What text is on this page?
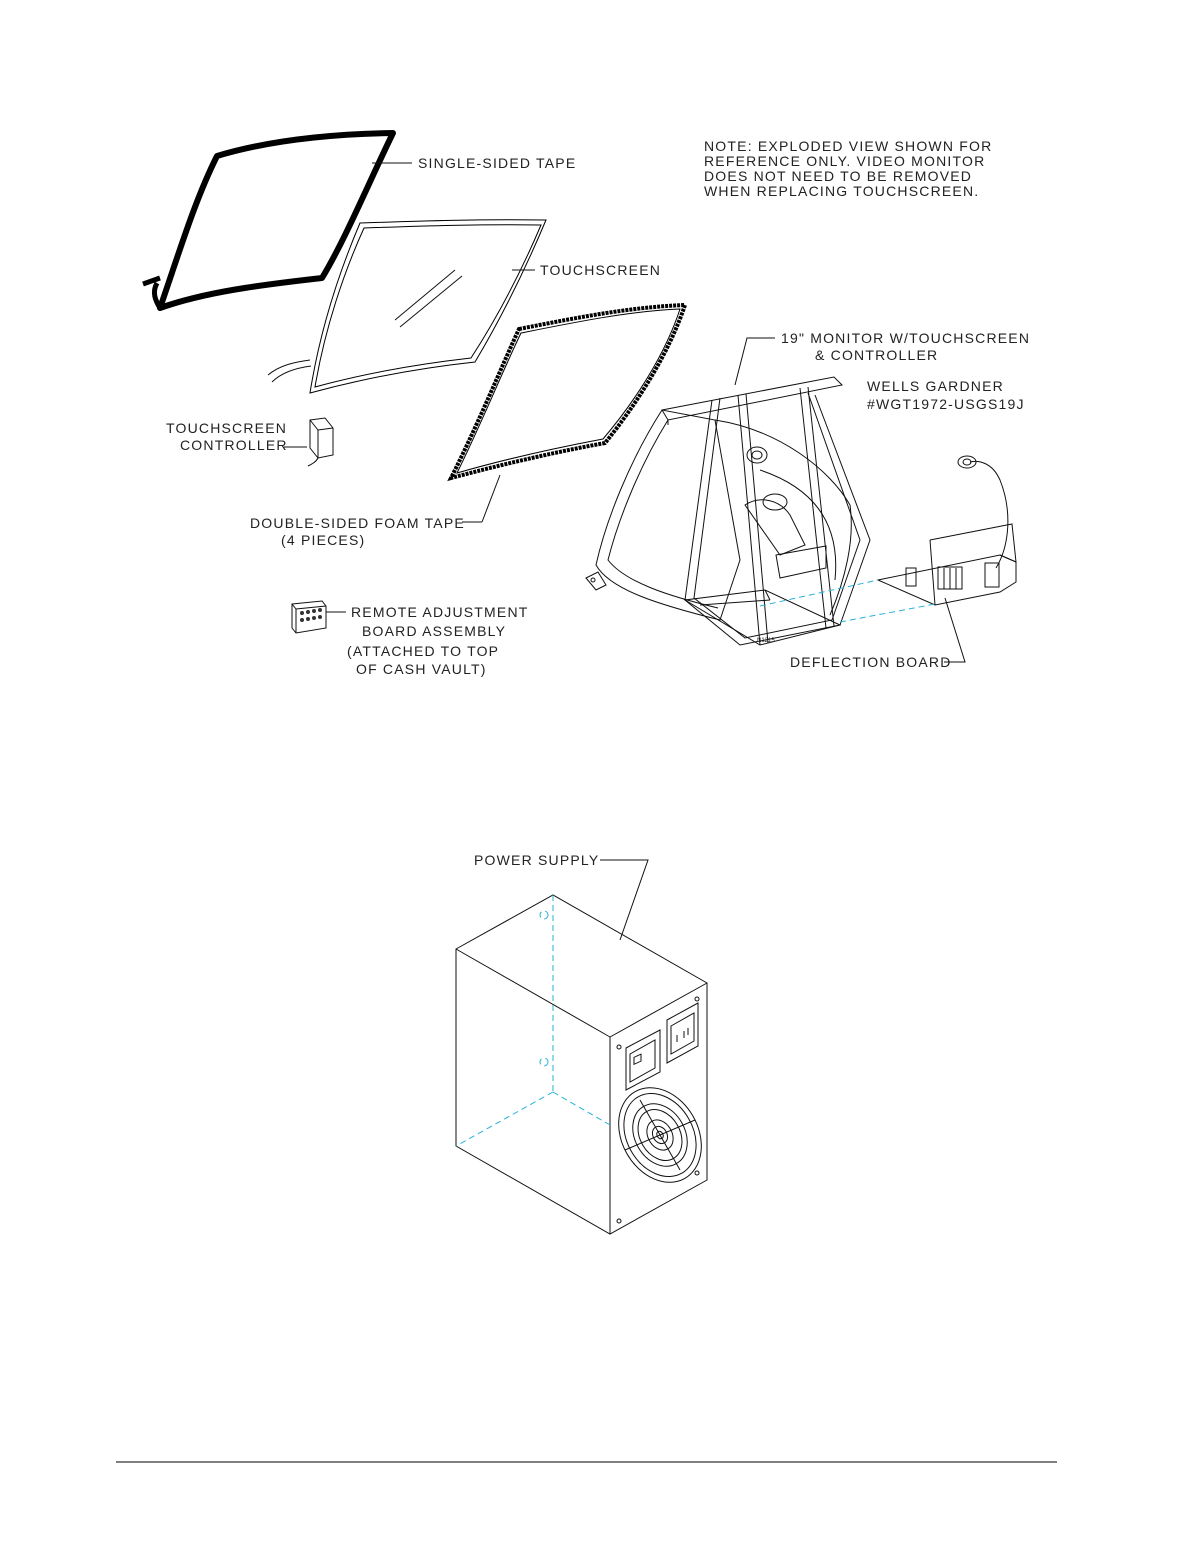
NOTE: EXPLODED VIEW SHOWN FOR
REFERENCE ONLY. VIDEO MONITOR
DOES NOT NEED TO BE REMOVED
WHEN REPLACING TOUCHSCREEN.
SINGLE-SIDED TAPE
TOUCHSCREEN
DOUBLE-SIDED FOAM TAPE
(4 PIECES)
TOUCHSCREEN
CONTROLLER
REMOTE ADJUSTMENT
BOARD ASSEMBLY
(ATTACHED TO TOP
OF CASH VAULT)
N1215
19" MONITOR W/TOUCHSCREEN
& CONTROLLER
WELLS GARDNER
#WGT1972-USGS19J
DEFLECTION BOARD
POWER SUPPLY
